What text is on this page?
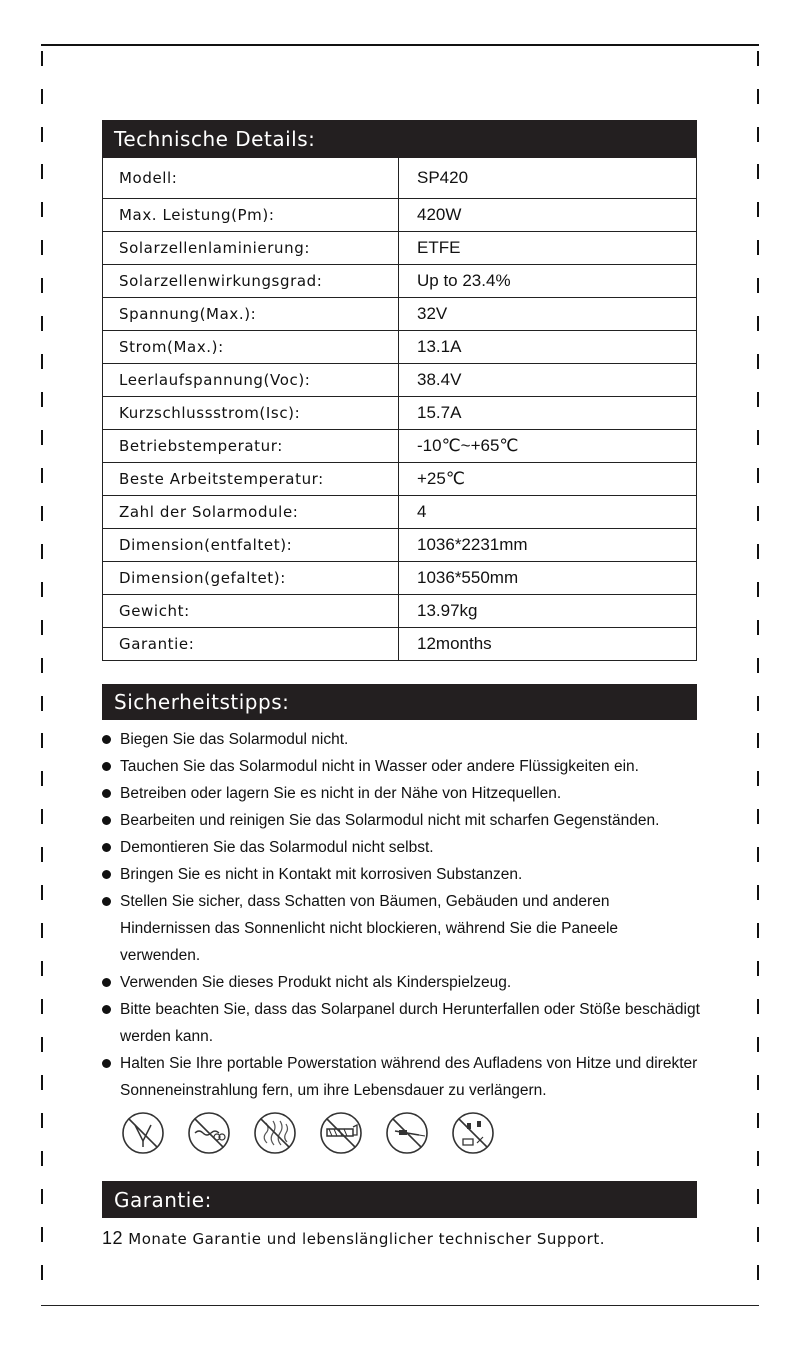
Technische Details:
Modell:	SP420
Max. Leistung(Pm):	420W
Solarzellenlaminierung:	ETFE
Solarzellenwirkungsgrad:	Up to 23.4%
Spannung(Max.):	32V
Strom(Max.):	13.1A
Leerlaufspannung(Voc):	38.4V
Kurzschlussstrom(Isc):	15.7A
Betriebstemperatur:	-10℃~+65℃
Beste Arbeitstemperatur:	+25℃
Zahl der Solarmodule:	4
Dimension(entfaltet):	1036*2231mm
Dimension(gefaltet):	1036*550mm
Gewicht:	13.97kg
Garantie:	12months
Sicherheitstipps:
Biegen Sie das Solarmodul nicht.
Tauchen Sie das Solarmodul nicht in Wasser oder andere Flüssigkeiten ein.
Betreiben oder lagern Sie es nicht in der Nähe von Hitzequellen.
Bearbeiten und reinigen Sie das Solarmodul nicht mit scharfen Gegenständen.
Demontieren Sie das Solarmodul nicht selbst.
Bringen Sie es nicht in Kontakt mit korrosiven Substanzen.
Stellen Sie sicher, dass Schatten von Bäumen, Gebäuden und anderen Hindernissen das Sonnenlicht nicht blockieren, während Sie die Paneele verwenden.
Verwenden Sie dieses Produkt nicht als Kinderspielzeug.
Bitte beachten Sie, dass das Solarpanel durch Herunterfallen oder Stöße beschädigt werden kann.
Halten Sie Ihre portable Powerstation während des Aufladens von Hitze und direkter Sonneneinstrahlung fern, um ihre Lebensdauer zu verlängern.
Garantie:
12 Monate Garantie und lebenslänglicher technischer Support.
